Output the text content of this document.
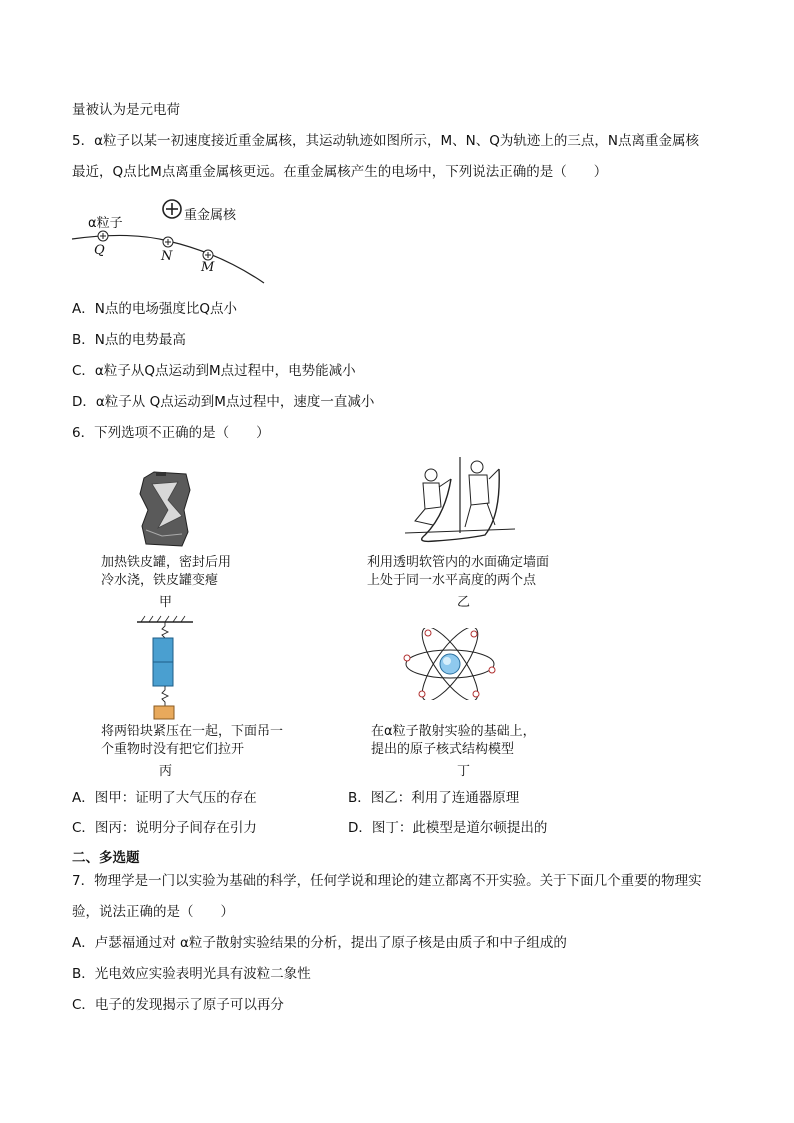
量被认为是元电荷
5．α粒子以某一初速度接近重金属核，其运动轨迹如图所示，M、N、Q为轨迹上的三点，N点离重金属核
最近，Q点比M点离重金属核更远。在重金属核产生的电场中，下列说法正确的是（　　）
α粒子
重金属核
Q	N
M
A．N点的电场强度比Q点小
B．N点的电势最高
C．α粒子从Q点运动到M点过程中，电势能减小
D．α粒子从 Q点运动到M点过程中，速度一直减小
6．下列选项不正确的是（　　）
加热铁皮罐，密封后用
冷水浇，铁皮罐变瘪
甲
利用透明软管内的水面确定墙面
上处于同一水平高度的两个点
乙
将两铅块紧压在一起，下面吊一
个重物时没有把它们拉开
丙
在α粒子散射实验的基础上，
提出的原子核式结构模型
丁
A．图甲：证明了大气压的存在	B．图乙：利用了连通器原理
C．图丙：说明分子间存在引力	D．图丁：此模型是道尔顿提出的
二、多选题
7．物理学是一门以实验为基础的科学，任何学说和理论的建立都离不开实验。关于下面几个重要的物理实
验，说法正确的是（　　）
A．卢瑟福通过对 α粒子散射实验结果的分析，提出了原子核是由质子和中子组成的
B．光电效应实验表明光具有波粒二象性
C．电子的发现揭示了原子可以再分
